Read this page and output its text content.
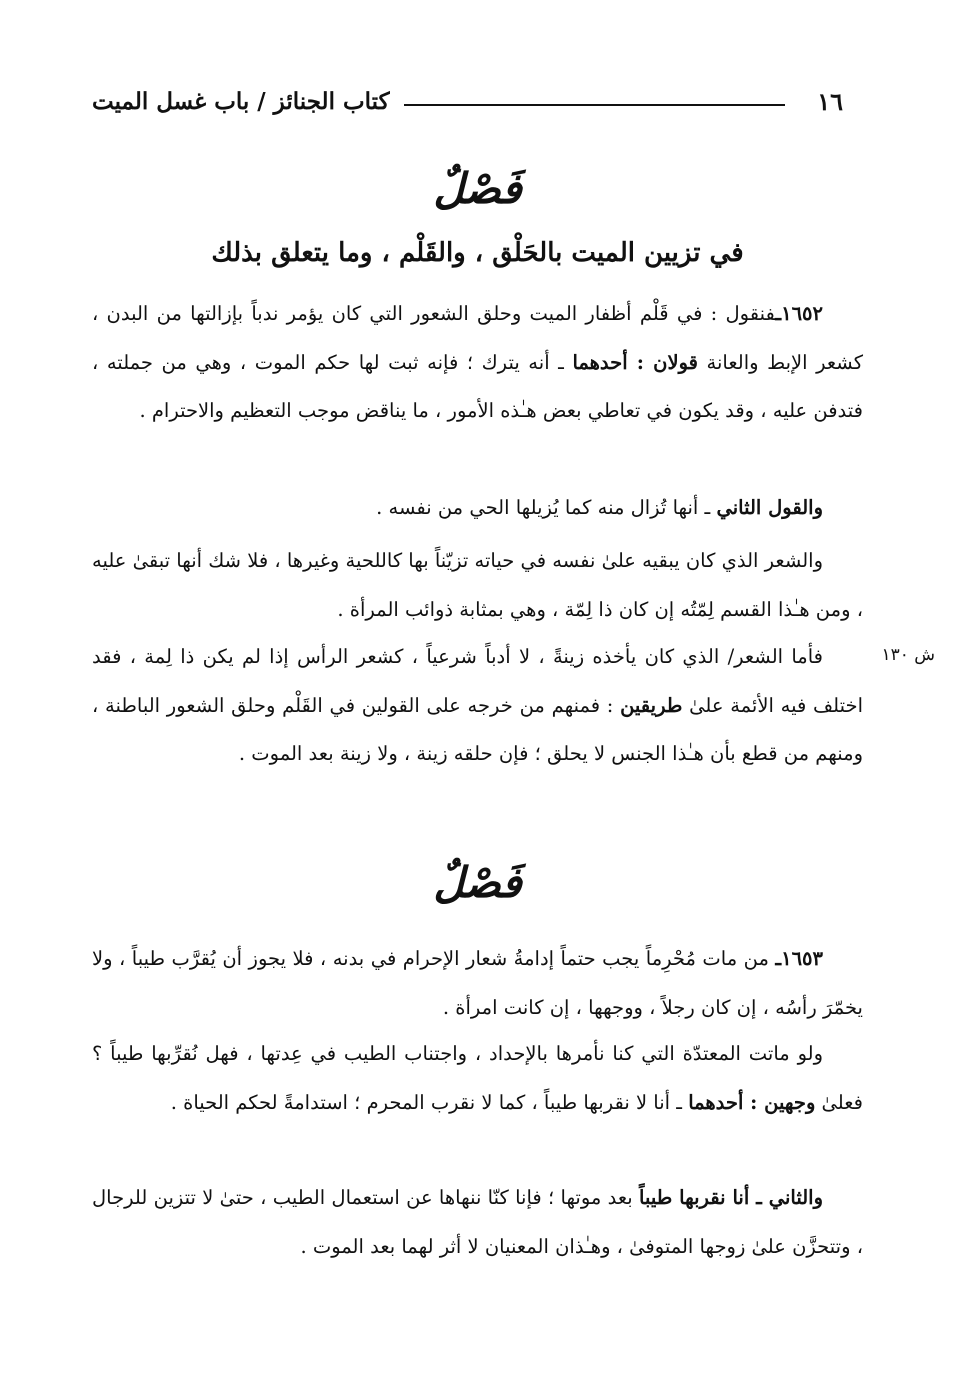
١٦
كتاب الجنائز / باب غسل الميت
فَصْلٌ
في تزيين الميت بالحَلْق ، والقَلْم ، وما يتعلق بذلك

١٦٥٢ـفنقول : في قَلْم أظفار الميت وحلق الشعور التي كان يؤمر ندباً بإزالتها من البدن ، كشعر الإبط والعانة قولان : أحدهما ـ أنه يترك ؛ فإنه ثبت لها حكم الموت ، وهي من جملته ، فتدفن عليه ، وقد يكون في تعاطي بعض هـٰذه الأمور ، ما يناقض موجب التعظيم والاحترام .

والقول الثاني ـ أنها تُزال منه كما يُزيلها الحي من نفسه .

والشعر الذي كان يبقيه علىٰ نفسه في حياته تزيّناً بها كاللحية وغيرها ، فلا شك أنها تبقىٰ عليه ، ومن هـٰذا القسم لِمّتُه إن كان ذا لِمّة ، وهي بمثابة ذوائب المرأة .

ش ١٣٠

فأما الشعر/ الذي كان يأخذه زينةً ، لا أدباً شرعياً ، كشعر الرأس إذا لم يكن ذا لِمة ، فقد اختلف فيه الأئمة علىٰ طريقين : فمنهم من خرجه على القولين في القَلْم وحلق الشعور الباطنة ، ومنهم من قطع بأن هـٰذا الجنس لا يحلق ؛ فإن حلقه زينة ، ولا زينة بعد الموت .

فَصْلٌ

١٦٥٣ـ من مات مُحْرِماً يجب حتماً إدامةُ شعار الإحرام في بدنه ، فلا يجوز أن يُقرَّب طيباً ، ولا يخمّرَ رأسُه ، إن كان رجلاً ، ووجهها ، إن كانت امرأة .

ولو ماتت المعتدّة التي كنا نأمرها بالإحداد ، واجتناب الطيب في عِدتها ، فهل نُقرِّبها طيباً ؟ فعلىٰ وجهين : أحدهما ـ أنا لا نقربها طيباً ، كما لا نقرب المحرم ؛ استدامةً لحكم الحياة .

والثاني ـ أنا نقربها طيباً بعد موتها ؛ فإنا كنّا ننهاها عن استعمال الطيب ، حتىٰ لا تتزين للرجال ، وتتحزَّن علىٰ زوجها المتوفىٰ ، وهـٰذان المعنيان لا أثر لهما بعد الموت .
